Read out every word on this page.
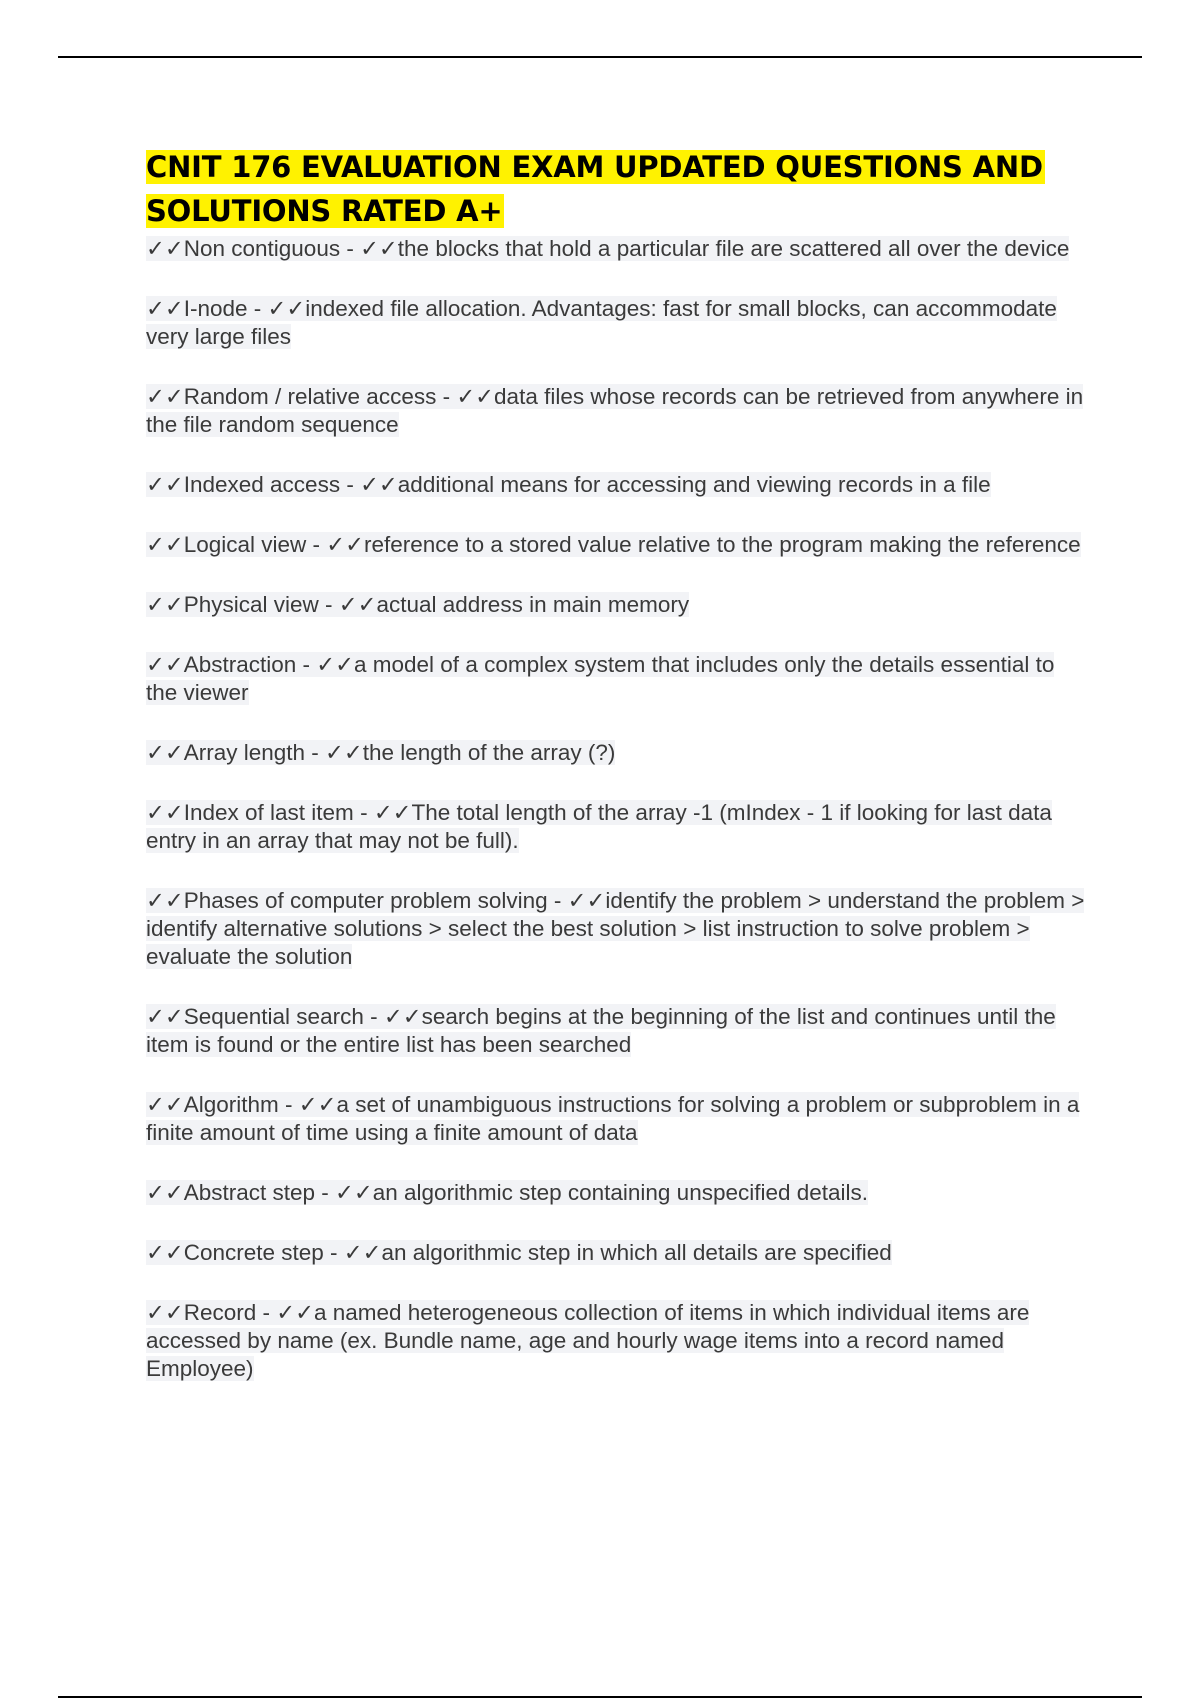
CNIT 176 EVALUATION EXAM UPDATED QUESTIONS AND SOLUTIONS RATED A+
✓✓Non contiguous - ✓✓the blocks that hold a particular file are scattered all over the device
✓✓I-node - ✓✓indexed file allocation. Advantages: fast for small blocks, can accommodate very large files
✓✓Random / relative access - ✓✓data files whose records can be retrieved from anywhere in the file random sequence
✓✓Indexed access - ✓✓additional means for accessing and viewing records in a file
✓✓Logical view - ✓✓reference to a stored value relative to the program making the reference
✓✓Physical view - ✓✓actual address in main memory
✓✓Abstraction - ✓✓a model of a complex system that includes only the details essential to the viewer
✓✓Array length - ✓✓the length of the array (?)
✓✓Index of last item - ✓✓The total length of the array -1 (mIndex - 1 if looking for last data entry in an array that may not be full).
✓✓Phases of computer problem solving - ✓✓identify the problem > understand the problem > identify alternative solutions > select the best solution > list instruction to solve problem > evaluate the solution
✓✓Sequential search - ✓✓search begins at the beginning of the list and continues until the item is found or the entire list has been searched
✓✓Algorithm - ✓✓a set of unambiguous instructions for solving a problem or subproblem in a finite amount of time using a finite amount of data
✓✓Abstract step - ✓✓an algorithmic step containing unspecified details.
✓✓Concrete step - ✓✓an algorithmic step in which all details are specified
✓✓Record - ✓✓a named heterogeneous collection of items in which individual items are accessed by name (ex. Bundle name, age and hourly wage items into a record named Employee)
